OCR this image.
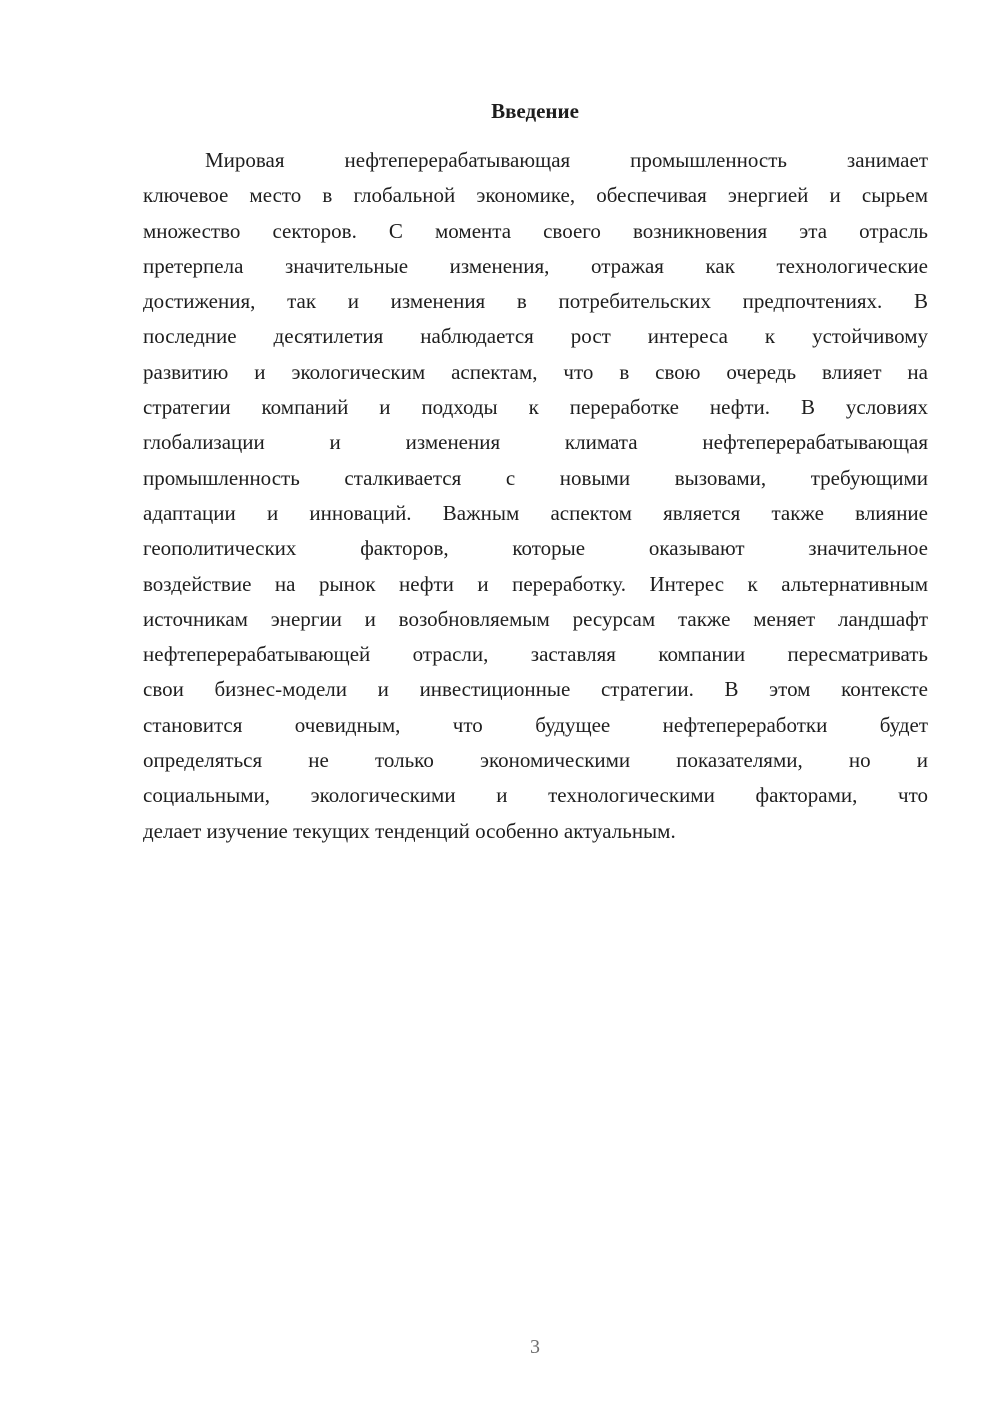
Введение
Мировая нефтеперерабатывающая промышленность занимает
ключевое место в глобальной экономике, обеспечивая энергией и сырьем
множество секторов. С момента своего возникновения эта отрасль
претерпела значительные изменения, отражая как технологические
достижения, так и изменения в потребительских предпочтениях. В
последние десятилетия наблюдается рост интереса к устойчивому
развитию и экологическим аспектам, что в свою очередь влияет на
стратегии компаний и подходы к переработке нефти. В условиях
глобализации и изменения климата нефтеперерабатывающая
промышленность сталкивается с новыми вызовами, требующими
адаптации и инноваций. Важным аспектом является также влияние
геополитических факторов, которые оказывают значительное
воздействие на рынок нефти и переработку. Интерес к альтернативным
источникам энергии и возобновляемым ресурсам также меняет ландшафт
нефтеперерабатывающей отрасли, заставляя компании пересматривать
свои бизнес-модели и инвестиционные стратегии. В этом контексте
становится очевидным, что будущее нефтепереработки будет
определяться не только экономическими показателями, но и
социальными, экологическими и технологическими факторами, что
делает изучение текущих тенденций особенно актуальным.
3
